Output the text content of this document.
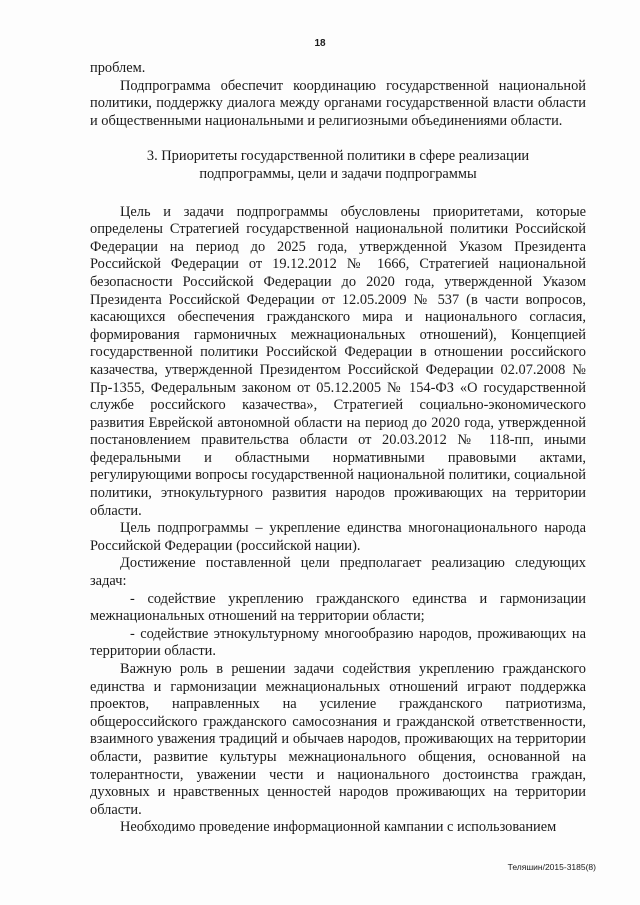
18

проблем.

Подпрограмма обеспечит координацию государственной национальной политики, поддержку диалога между органами государственной власти области и общественными национальными и религиозными объединениями области.

3. Приоритеты государственной политики в сфере реализации
подпрограммы, цели и задачи подпрограммы

Цель и задачи подпрограммы обусловлены приоритетами, которые определены Стратегией государственной национальной политики Российской Федерации на период до 2025 года, утвержденной Указом Президента Российской Федерации от 19.12.2012 № 1666, Стратегией национальной безопасности Российской Федерации до 2020 года, утвержденной Указом Президента Российской Федерации от 12.05.2009 № 537 (в части вопросов, касающихся обеспечения гражданского мира и национального согласия, формирования гармоничных межнациональных отношений), Концепцией государственной политики Российской Федерации в отношении российского казачества, утвержденной Президентом Российской Федерации 02.07.2008 № Пр-1355, Федеральным законом от 05.12.2005 № 154-ФЗ «О государственной службе российского казачества», Стратегией социально-экономического развития Еврейской автономной области на период до 2020 года, утвержденной постановлением правительства области от 20.03.2012 № 118-пп, иными федеральными и областными нормативными правовыми актами, регулирующими вопросы государственной национальной политики, социальной политики, этнокультурного развития народов проживающих на территории области.

Цель подпрограммы – укрепление единства многонационального народа Российской Федерации (российской нации).

Достижение поставленной цели предполагает реализацию следующих задач:

- содействие укреплению гражданского единства и гармонизации межнациональных отношений на территории области;

- содействие этнокультурному многообразию народов, проживающих на территории области.

Важную роль в решении задачи содействия укреплению гражданского единства и гармонизации межнациональных отношений играют поддержка проектов, направленных на усиление гражданского патриотизма, общероссийского гражданского самосознания и гражданской ответственности, взаимного уважения традиций и обычаев народов, проживающих на территории области, развитие культуры межнационального общения, основанной на толерантности, уважении чести и национального достоинства граждан, духовных и нравственных ценностей народов проживающих на территории области.

Необходимо проведение информационной кампании с использованием

Теляшин/2015-3185(8)
